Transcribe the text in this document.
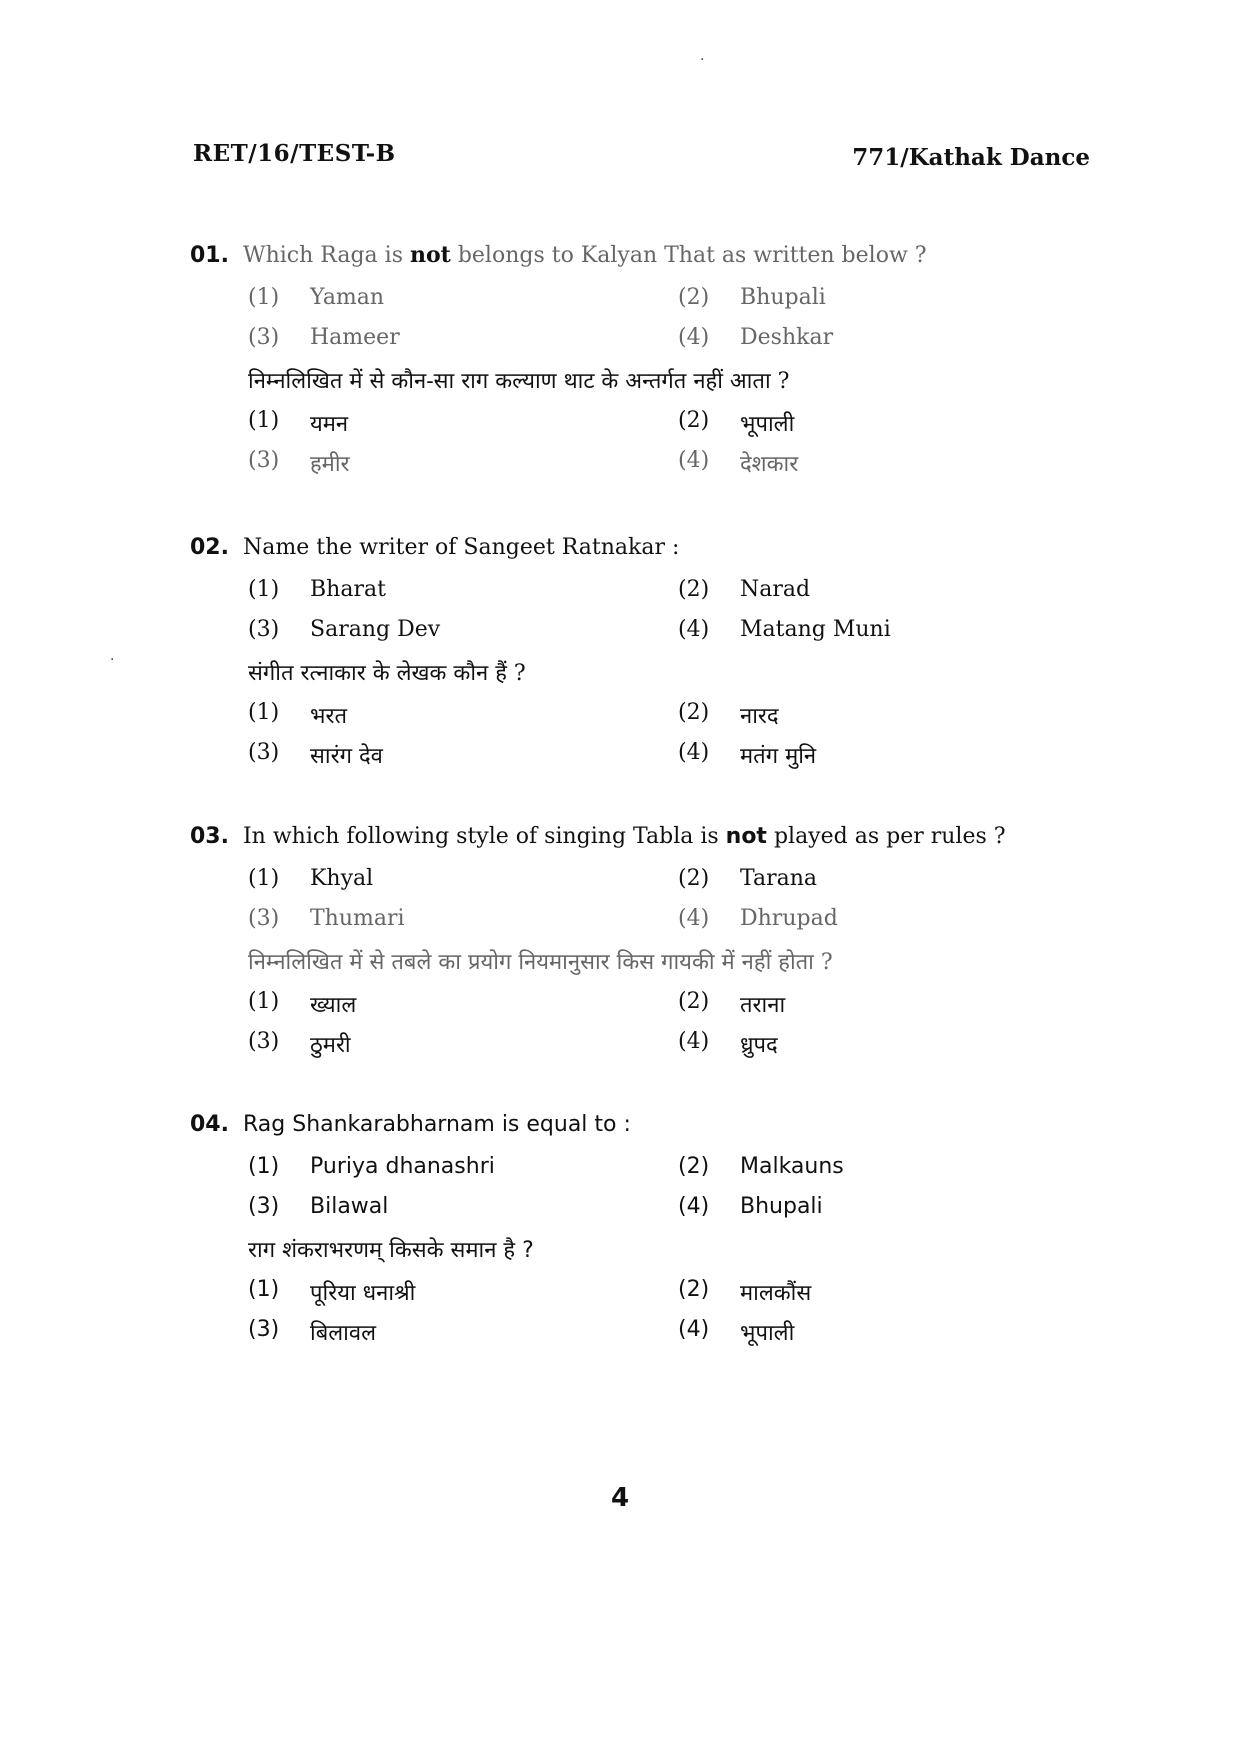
·
·
RET/16/TEST-B	771/Kathak Dance
01. Which Raga is not belongs to Kalyan That as written below ?
(1)	Yaman	(2)	Bhupali
(3)	Hameer	(4)	Deshkar
निम्नलिखित में से कौन-सा राग कल्याण थाट के अन्तर्गत नहीं आता ?
(1)	यमन	(2)	भूपाली
(3)	हमीर	(4)	देशकार
02. Name the writer of Sangeet Ratnakar :
(1)	Bharat	(2)	Narad
(3)	Sarang Dev	(4)	Matang Muni
संगीत रत्नाकार के लेखक कौन हैं ?
(1)	भरत	(2)	नारद
(3)	सारंग देव	(4)	मतंग मुनि
03. In which following style of singing Tabla is not played as per rules ?
(1)	Khyal	(2)	Tarana
(3)	Thumari	(4)	Dhrupad
निम्नलिखित में से तबले का प्रयोग नियमानुसार किस गायकी में नहीं होता ?
(1)	ख्याल	(2)	तराना
(3)	ठुमरी	(4)	ध्रुपद
04. Rag Shankarabharnam is equal to :
(1)	Puriya dhanashri	(2)	Malkauns
(3)	Bilawal	(4)	Bhupali
राग शंकराभरणम् किसके समान है ?
(1)	पूरिया धनाश्री	(2)	मालकौंस
(3)	बिलावल	(4)	भूपाली
4
